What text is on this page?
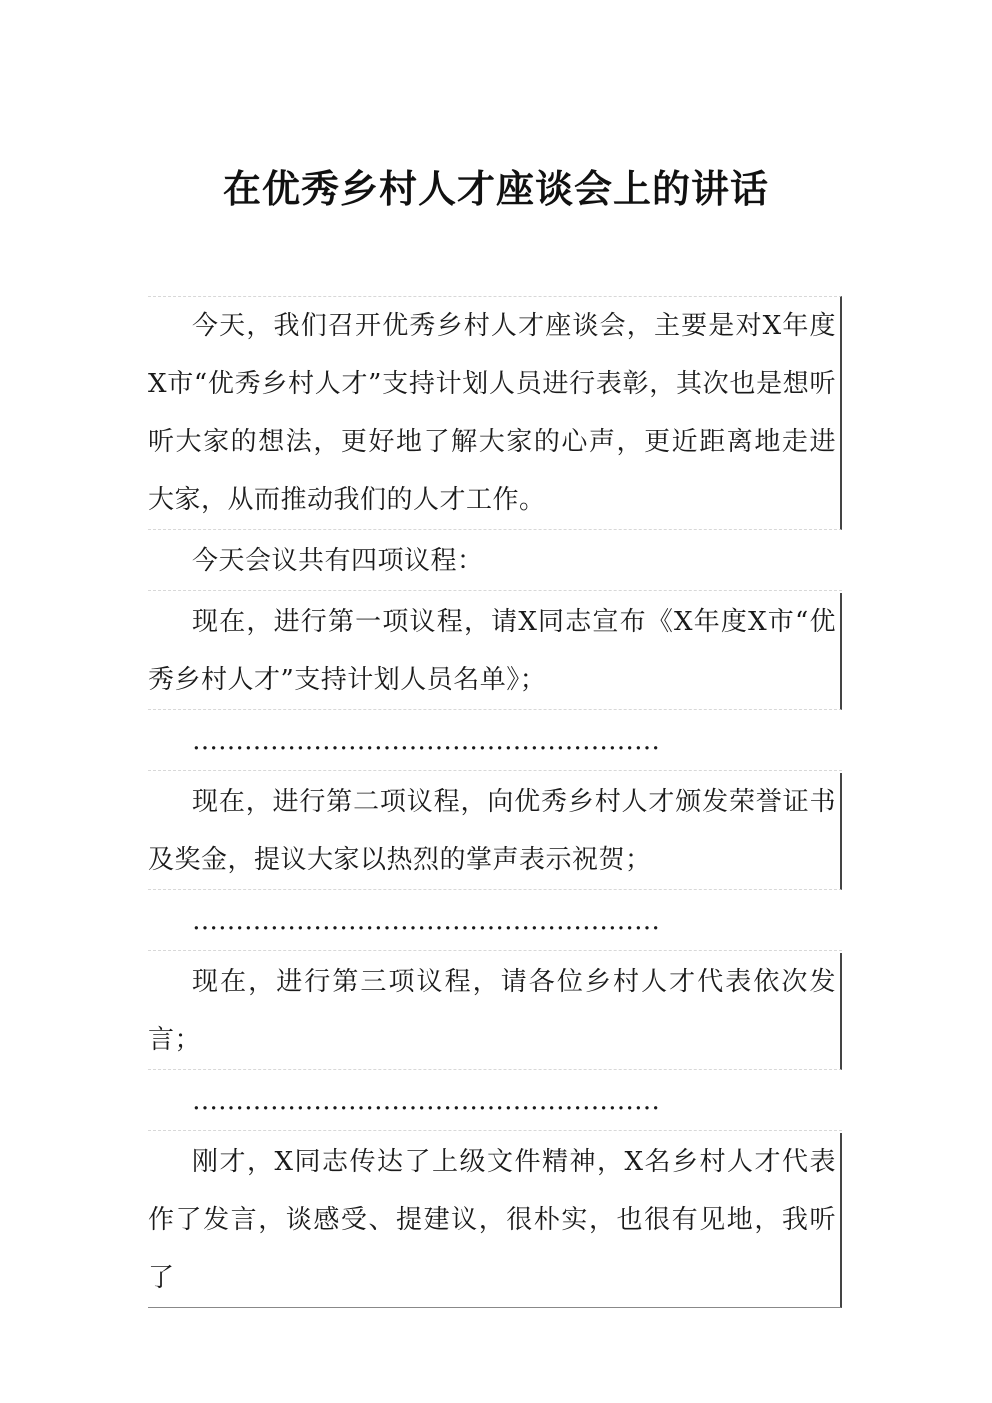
在优秀乡村人才座谈会上的讲话
今天，我们召开优秀乡村人才座谈会，主要是对X年度X市“优秀乡村人才”支持计划人员进行表彰，其次也是想听听大家的想法，更好地了解大家的心声，更近距离地走进大家，从而推动我们的人才工作。
今天会议共有四项议程：
现在，进行第一项议程，请X同志宣布《X年度X市“优秀乡村人才”支持计划人员名单》；
………………………………………………
现在，进行第二项议程，向优秀乡村人才颁发荣誉证书及奖金，提议大家以热烈的掌声表示祝贺；
………………………………………………
现在，进行第三项议程，请各位乡村人才代表依次发言；
………………………………………………
刚才，X同志传达了上级文件精神，X名乡村人才代表作了发言，谈感受、提建议，很朴实，也很有见地，我听了
